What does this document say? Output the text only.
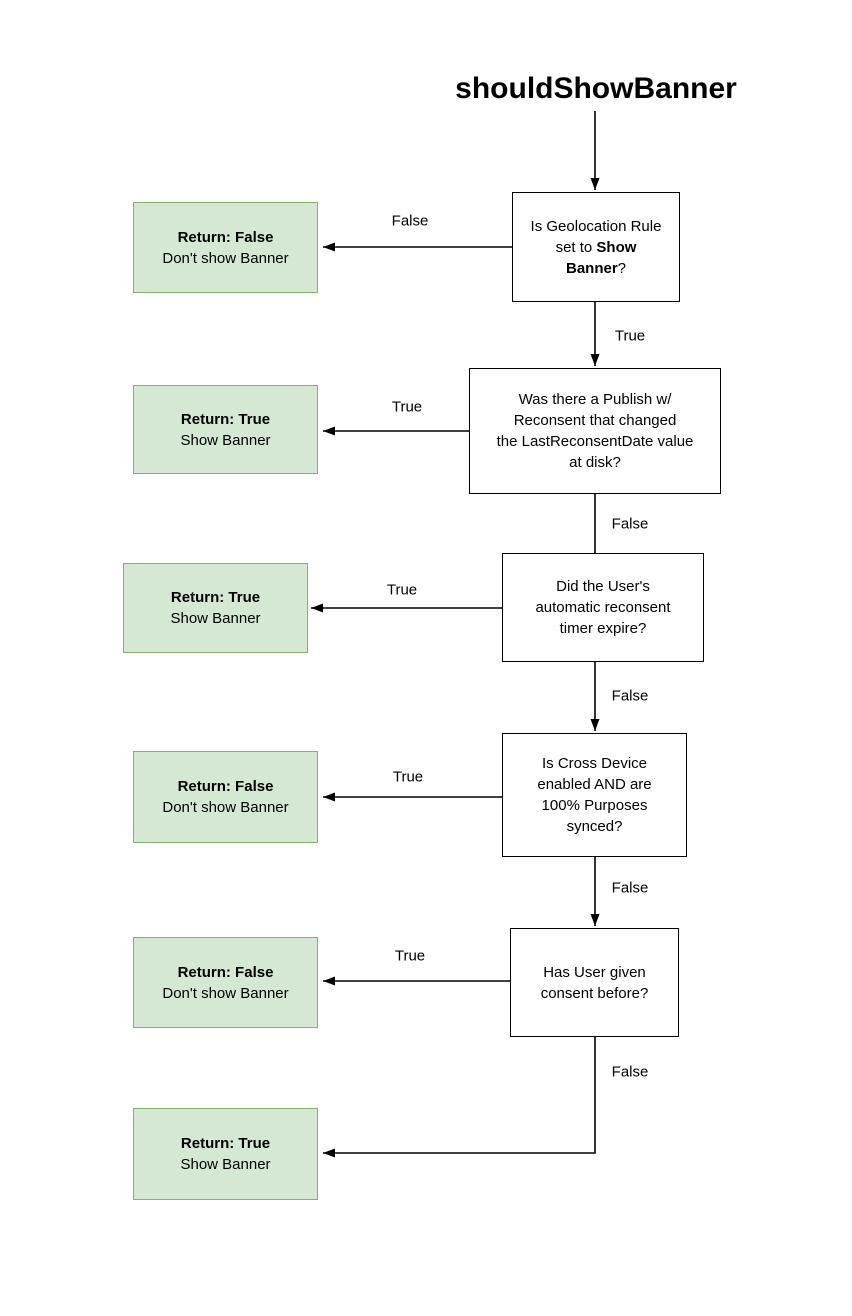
shouldShowBanner
Is Geolocation Rule
set to Show
Banner?
Was there a Publish w/
Reconsent that changed
the LastReconsentDate value
at disk?
Did the User's
automatic reconsent
timer expire?
Is Cross Device
enabled AND are
100% Purposes
synced?
Has User given
consent before?
Return: False
Don't show Banner
Return: True
Show Banner
Return: True
Show Banner
Return: False
Don't show Banner
Return: False
Don't show Banner
Return: True
Show Banner
False
True
True
False
True
False
True
False
True
False
